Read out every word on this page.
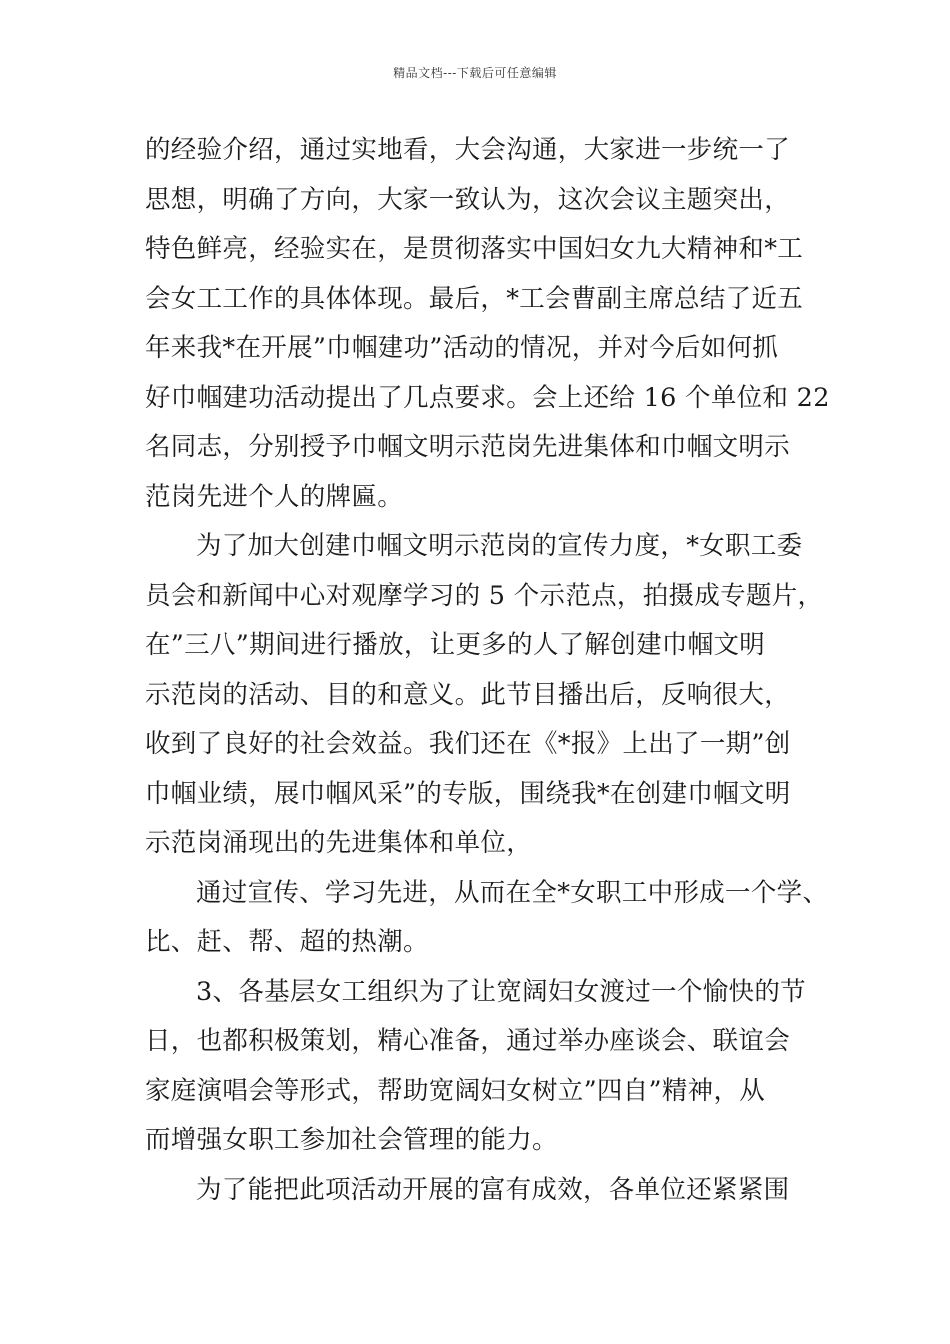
精品文档---下载后可任意编辑
的经验介绍，通过实地看，大会沟通，大家进一步统一了
思想，明确了方向，大家一致认为，这次会议主题突出，
特色鲜亮，经验实在，是贯彻落实中国妇女九大精神和*工
会女工工作的具体体现。最后，*工会曹副主席总结了近五
年来我*在开展”巾帼建功”活动的情况，并对今后如何抓
好巾帼建功活动提出了几点要求。会上还给 16 个单位和 22
名同志，分别授予巾帼文明示范岗先进集体和巾帼文明示
范岗先进个人的牌匾。
为了加大创建巾帼文明示范岗的宣传力度，*女职工委
员会和新闻中心对观摩学习的 5 个示范点，拍摄成专题片，
在”三八”期间进行播放，让更多的人了解创建巾帼文明
示范岗的活动、目的和意义。此节目播出后，反响很大，
收到了良好的社会效益。我们还在《*报》上出了一期”创
巾帼业绩，展巾帼风采”的专版，围绕我*在创建巾帼文明
示范岗涌现出的先进集体和单位，
通过宣传、学习先进，从而在全*女职工中形成一个学、
比、赶、帮、超的热潮。
3、各基层女工组织为了让宽阔妇女渡过一个愉快的节
日，也都积极策划，精心准备，通过举办座谈会、联谊会
家庭演唱会等形式，帮助宽阔妇女树立”四自”精神，从
而增强女职工参加社会管理的能力。
为了能把此项活动开展的富有成效，各单位还紧紧围
